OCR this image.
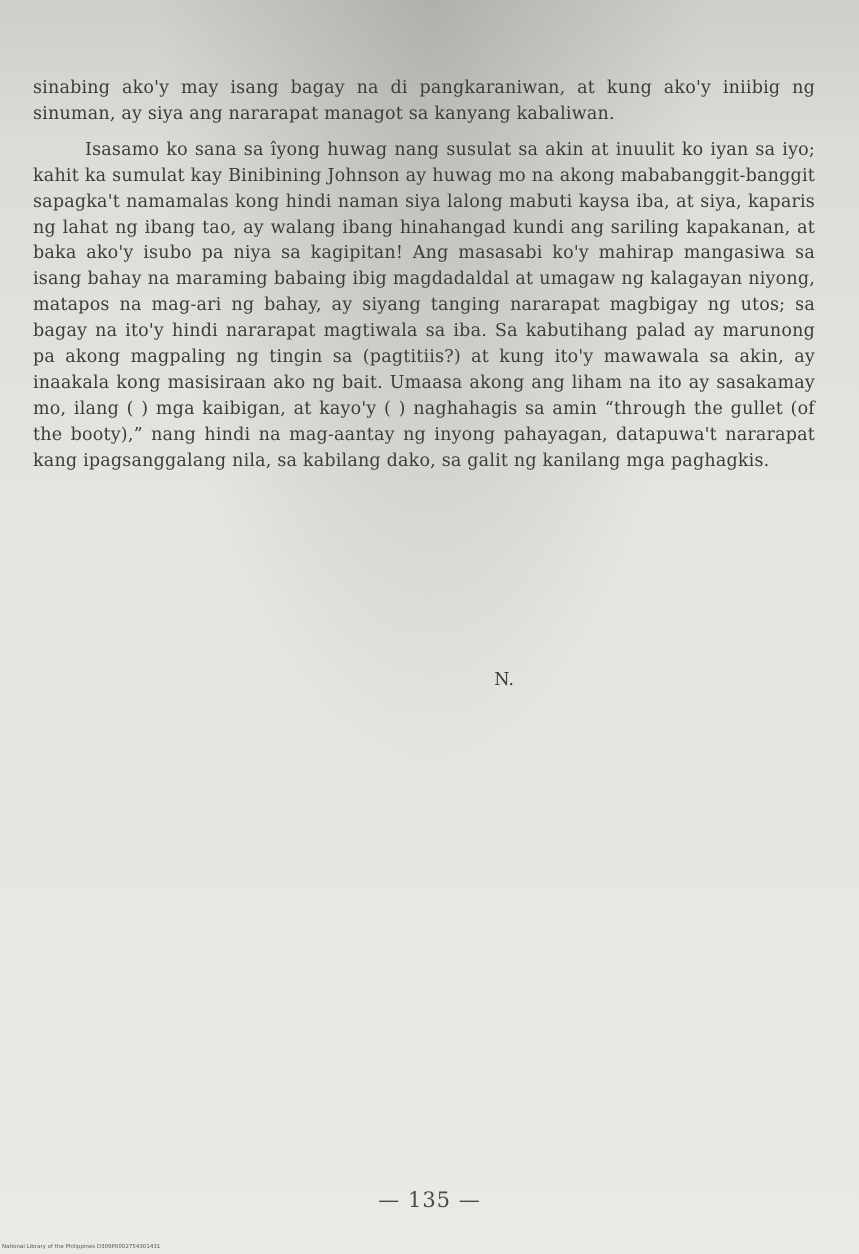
sinabing ako'y may isang bagay na di pangkaraniwan, at kung ako'y iniibig ng sinuman, ay siya ang nararapat managot sa kanyang kabaliwan.

Isasamo ko sana sa îyong huwag nang susulat sa akin at inuulit ko iyan sa iyo; kahit ka sumulat kay Binibining Johnson ay huwag mo na akong mababanggit-banggit sapagka't namamalas kong hindi naman siya lalong mabuti kaysa iba, at siya, kaparis ng lahat ng ibang tao, ay walang ibang hinahangad kundi ang sariling kapakanan, at baka ako'y isubo pa niya sa kagipitan! Ang masasabi ko'y mahirap mangasiwa sa isang bahay na maraming babaing ibig magdadaldal at umagaw ng kalagayan niyong, matapos na mag-ari ng bahay, ay siyang tanging nararapat magbigay ng utos; sa bagay na ito'y hindi nararapat magtiwala sa iba. Sa kabutihang palad ay marunong pa akong magpaling ng tingin sa (pagtitiis?) at kung ito'y mawawala sa akin, ay inaakala kong masisiraan ako ng bait. Umaasa akong ang liham na ito ay sasakamay mo, ilang ( ) mga kaibigan, at kayo'y ( ) naghahagis sa amin “through the gullet (of the booty),” nang hindi na mag-aantay ng inyong pahayagan, datapuwa't nararapat kang ipagsanggalang nila, sa kabilang dako, sa galit ng kanilang mga paghagkis.

N.
— 135 —
National Library of the Philippines D309P0002754301431
